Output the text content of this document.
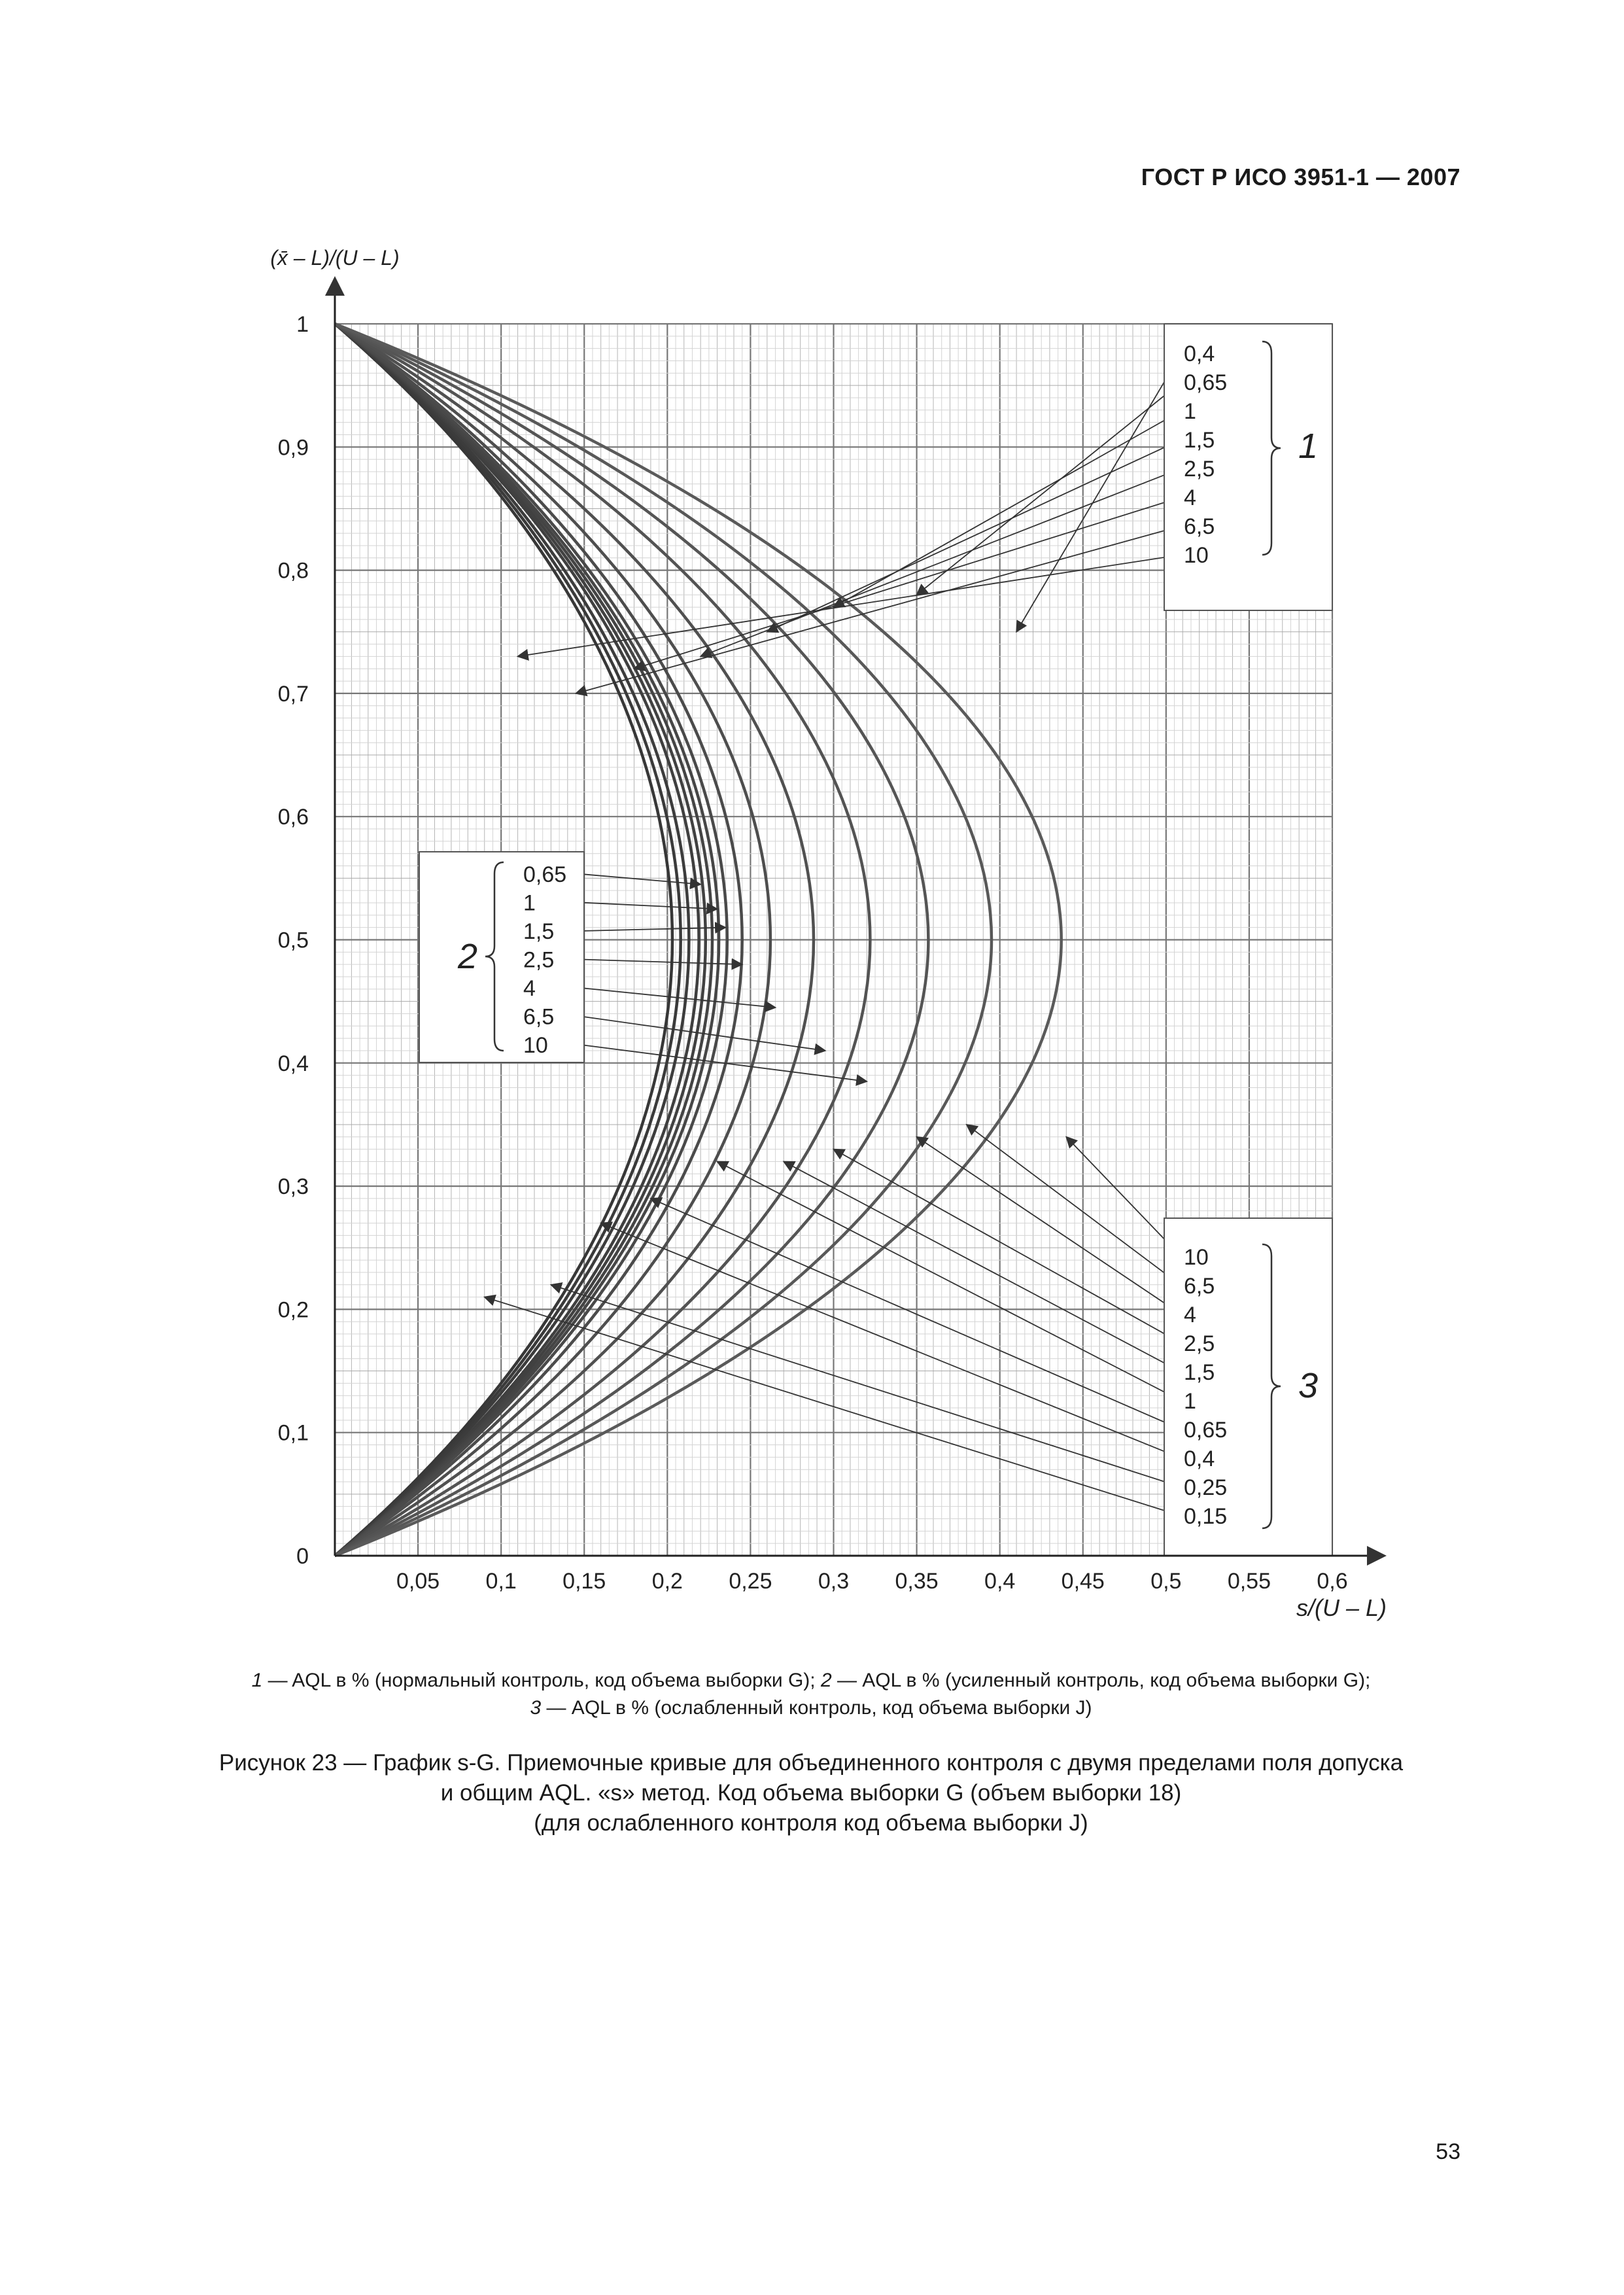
ГОСТ Р ИСО 3951-1 — 2007
0,4
0,65
1
1,5
2,5
4
6,5
10
1
0,65
1
1,5
2,5
4
6,5
10
2
10
6,5
4
2,5
1,5
1
0,65
0,4
0,25
0,15
3
0,05 0,1 0,15 0,2 0,25 0,3 0,35 0,4 0,45 0,5 0,55 0,6
0
0,1
0,2
0,3
0,4
0,5
0,6
0,7
0,8
0,9
1
(x̄ – L)/(U – L)
s/(U – L)
1 — AQL в % (нормальный контроль, код объема выборки G); 2 — AQL в % (усиленный контроль, код объема выборки G);
3 — AQL в % (ослабленный контроль, код объема выборки J)
Рисунок 23 — График s-G. Приемочные кривые для объединенного контроля с двумя пределами поля допуска
и общим AQL. «s» метод. Код объема выборки G (объем выборки 18)
(для ослабленного контроля код объема выборки J)
53
